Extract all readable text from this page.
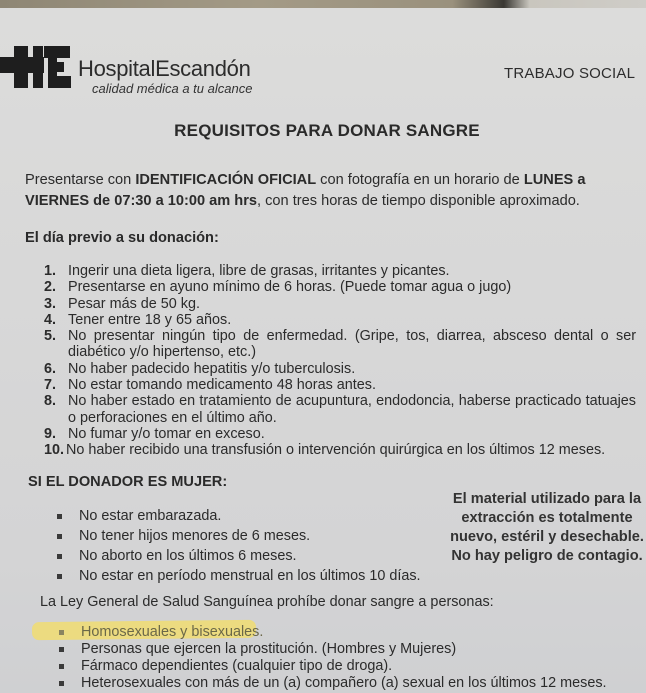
HospitalEscandón
calidad médica a tu alcance
TRABAJO SOCIAL
REQUISITOS PARA DONAR SANGRE
Presentarse con IDENTIFICACIÓN OFICIAL con fotografía en un horario de LUNES a VIERNES de 07:30 a 10:00 am hrs, con tres horas de tiempo disponible aproximado.
El día previo a su donación:
1. Ingerir una dieta ligera, libre de grasas, irritantes y picantes.
2. Presentarse en ayuno mínimo de 6 horas. (Puede tomar agua o jugo)
3. Pesar más de 50 kg.
4. Tener entre 18 y 65 años.
5. No presentar ningún tipo de enfermedad. (Gripe, tos, diarrea, absceso dental o ser diabético y/o hipertenso, etc.)
6. No haber padecido hepatitis y/o tuberculosis.
7. No estar tomando medicamento 48 horas antes.
8. No haber estado en tratamiento de acupuntura, endodoncia, haberse practicado tatuajes o perforaciones en el último año.
9. No fumar y/o tomar en exceso.
10. No haber recibido una transfusión o intervención quirúrgica en los últimos 12 meses.
SI EL DONADOR ES MUJER:
No estar embarazada.
No tener hijos menores de 6 meses.
No aborto en los últimos 6 meses.
No estar en período menstrual en los últimos 10 días.
El material utilizado para la
extracción es totalmente
nuevo, estéril y desechable.
No hay peligro de contagio.
La Ley General de Salud Sanguínea prohíbe donar sangre a personas:
Homosexuales y bisexuales.
Personas que ejercen la prostitución. (Hombres y Mujeres)
Fármaco dependientes (cualquier tipo de droga).
Heterosexuales con más de un (a) compañero (a) sexual en los últimos 12 meses.
